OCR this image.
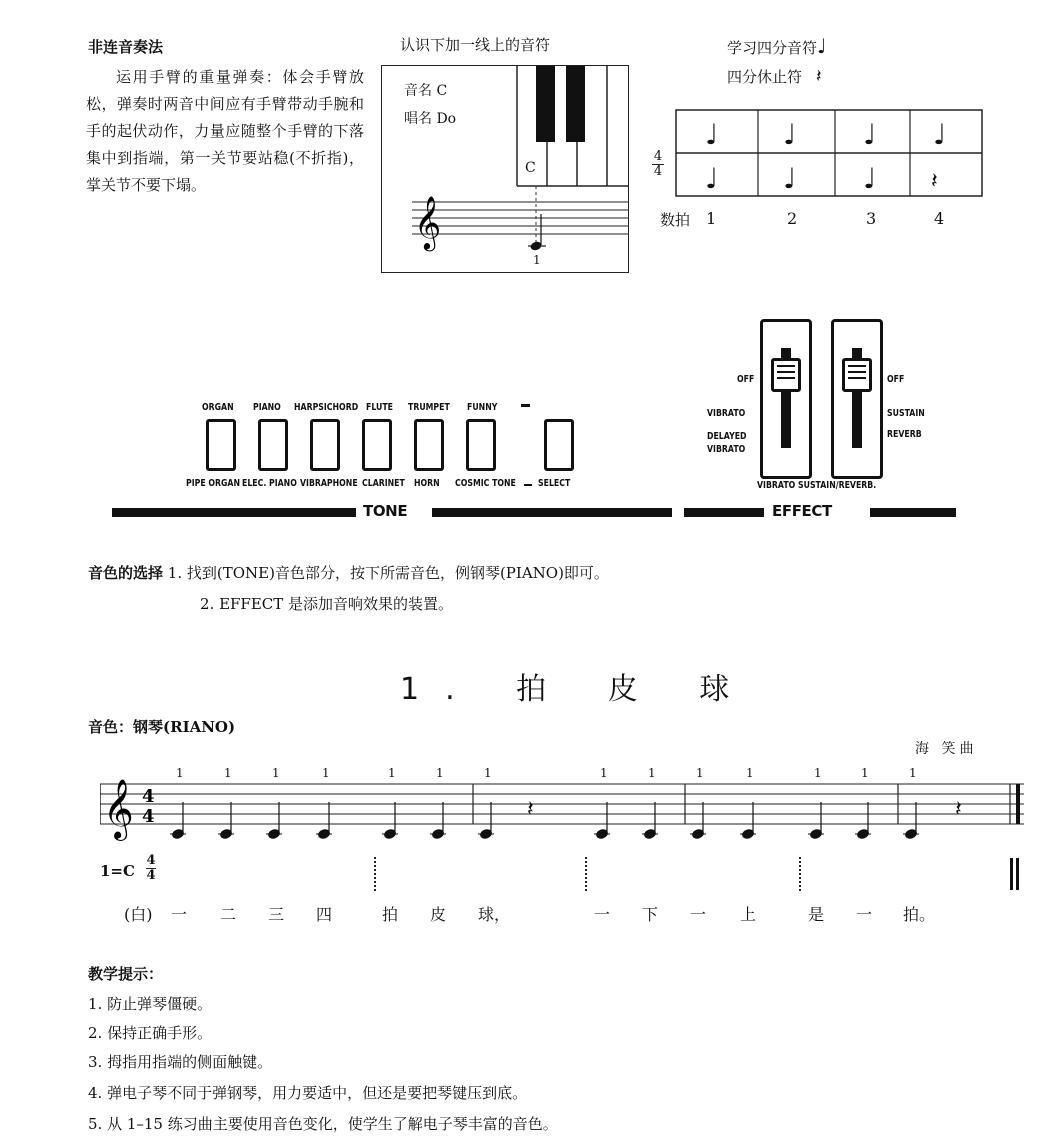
非连音奏法
运用手臂的重量弹奏：体会手臂放松，弹奏时两音中间应有手臂带动手腕和手的起伏动作，力量应随整个手臂的下落集中到指端，第一关节要站稳(不折指)，掌关节不要下塌。
认识下加一线上的音符
音名 C
唱名 Do
𝄞
C
1
学习四分音符♩
四分休止符 𝄽
♩ ♩ ♩ ♩
♩ ♩ ♩ 𝄽
4
4
数拍 1	2	3	4
ORGAN PIANO HARPSICHORD FLUTE TRUMPET FUNNY
PIPE ORGAN ELEC. PIANO VIBRAPHONE CLARINET HORN COSMIC TONE SELECT
TONE
OFF
VIBRATO
DELAYED
VIBRATO
OFF
SUSTAIN
REVERB
VIBRATO SUSTAIN/REVERB.
EFFECT
音色的选择 1. 找到(TONE)音色部分，按下所需音色，例钢琴(PIANO)即可。
2. EFFECT 是添加音响效果的装置。
1. 拍 皮 球
音色：钢琴(RIANO)
海 笑曲
𝄞 4
4	𝄽	𝄽
1	1	1	1	1	1	1	1	1	1	1	1	1	1
1=C
4
4
(白) 一 二 三 四	拍 皮 球，	一 下 一 上	是 一 拍。
教学提示：
1. 防止弹琴僵硬。
2. 保持正确手形。
3. 拇指用指端的侧面触键。
4. 弹电子琴不同于弹钢琴，用力要适中，但还是要把琴键压到底。
5. 从 1–15 练习曲主要使用音色变化，使学生了解电子琴丰富的音色。
